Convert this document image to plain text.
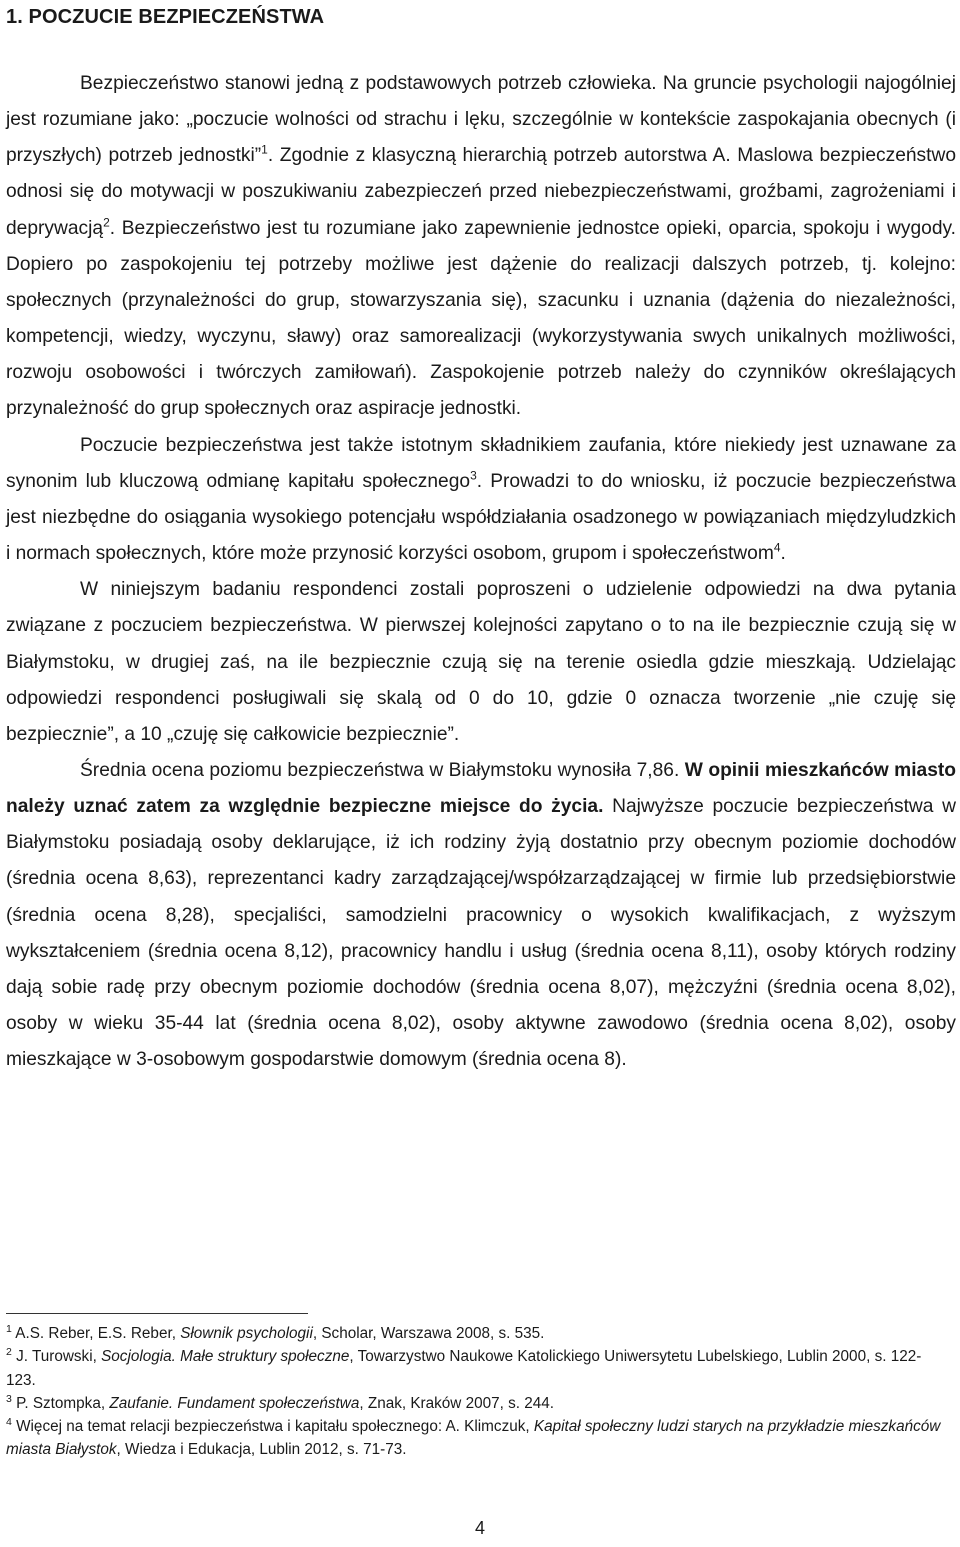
1. POCZUCIE BEZPIECZEŃSTWA

Bezpieczeństwo stanowi jedną z podstawowych potrzeb człowieka. Na gruncie psychologii najogólniej jest rozumiane jako: „poczucie wolności od strachu i lęku, szczególnie w kontekście zaspokajania obecnych (i przyszłych) potrzeb jednostki”$^1$. Zgodnie z klasyczną hierarchią potrzeb autorstwa A. Maslowa bezpieczeństwo odnosi się do motywacji w poszukiwaniu zabezpieczeń przed niebezpieczeństwami, groźbami, zagrożeniami i deprywacją$^2$. Bezpieczeństwo jest tu rozumiane jako zapewnienie jednostce opieki, oparcia, spokoju i wygody. Dopiero po zaspokojeniu tej potrzeby możliwe jest dążenie do realizacji dalszych potrzeb, tj. kolejno: społecznych (przynależności do grup, stowarzyszania się), szacunku i uznania (dążenia do niezależności, kompetencji, wiedzy, wyczynu, sławy) oraz samorealizacji (wykorzystywania swych unikalnych możliwości, rozwoju osobowości i twórczych zamiłowań). Zaspokojenie potrzeb należy do czynników określających przynależność do grup społecznych oraz aspiracje jednostki.

Poczucie bezpieczeństwa jest także istotnym składnikiem zaufania, które niekiedy jest uznawane za synonim lub kluczową odmianę kapitału społecznego$^3$. Prowadzi to do wniosku, iż poczucie bezpieczeństwa jest niezbędne do osiągania wysokiego potencjału współdziałania osadzonego w powiązaniach międzyludzkich i normach społecznych, które może przynosić korzyści osobom, grupom i społeczeństwom$^4$.

W niniejszym badaniu respondenci zostali poproszeni o udzielenie odpowiedzi na dwa pytania związane z poczuciem bezpieczeństwa. W pierwszej kolejności zapytano o to na ile bezpiecznie czują się w Białymstoku, w drugiej zaś, na ile bezpiecznie czują się na terenie osiedla gdzie mieszkają. Udzielając odpowiedzi respondenci posługiwali się skalą od 0 do 10, gdzie 0 oznacza tworzenie „nie czuję się bezpiecznie”, a 10 „czuję się całkowicie bezpiecznie”.

Średnia ocena poziomu bezpieczeństwa w Białymstoku wynosiła 7,86. W opinii mieszkańców miasto należy uznać zatem za względnie bezpieczne miejsce do życia. Najwyższe poczucie bezpieczeństwa w Białymstoku posiadają osoby deklarujące, iż ich rodziny żyją dostatnio przy obecnym poziomie dochodów (średnia ocena 8,63), reprezentanci kadry zarządzającej/współzarządzającej w firmie lub przedsiębiorstwie (średnia ocena 8,28), specjaliści, samodzielni pracownicy o wysokich kwalifikacjach, z wyższym wykształceniem (średnia ocena 8,12), pracownicy handlu i usług (średnia ocena 8,11), osoby których rodziny dają sobie radę przy obecnym poziomie dochodów (średnia ocena 8,07), mężczyźni (średnia ocena 8,02), osoby w wieku 35-44 lat (średnia ocena 8,02), osoby aktywne zawodowo (średnia ocena 8,02), osoby mieszkające w 3-osobowym gospodarstwie domowym (średnia ocena 8).

$^1$ A.S. Reber, E.S. Reber, Słownik psychologii, Scholar, Warszawa 2008, s. 535.
$^2$ J. Turowski, Socjologia. Małe struktury społeczne, Towarzystwo Naukowe Katolickiego Uniwersytetu Lubelskiego, Lublin 2000, s. 122-123.
$^3$ P. Sztompka, Zaufanie. Fundament społeczeństwa, Znak, Kraków 2007, s. 244.
$^4$ Więcej na temat relacji bezpieczeństwa i kapitału społecznego: A. Klimczuk, Kapitał społeczny ludzi starych na przykładzie mieszkańców miasta Białystok, Wiedza i Edukacja, Lublin 2012, s. 71-73.
4
